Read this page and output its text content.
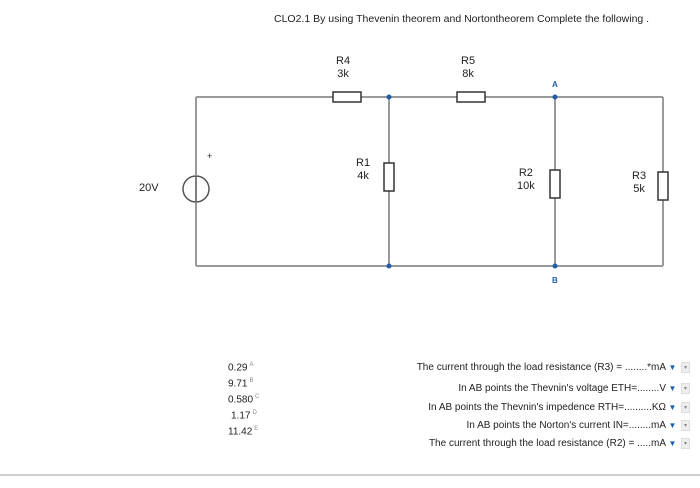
CLO2.1 By using Thevenin theorem and Nortontheorem Complete the following .
20V
+
R4
3k
R5
8k
R1
4k	R2
10k
R3
5k
A
B
0.29 $^A$
9.71 $^B$
0.580 $^C$
1.17 $^D$
11.42 $^E$
The current through the load resistance (R3) = ........*mA
In AB points the Thevnin's voltage ETH=........V
In AB points the Thevnin's impedence RTH=..........KΩ
In AB points the Norton's current IN=........mA
The current through the load resistance (R2) = .....mA
▼
▼
▼
▼
▼
▾
▾
▾
▾
▾
